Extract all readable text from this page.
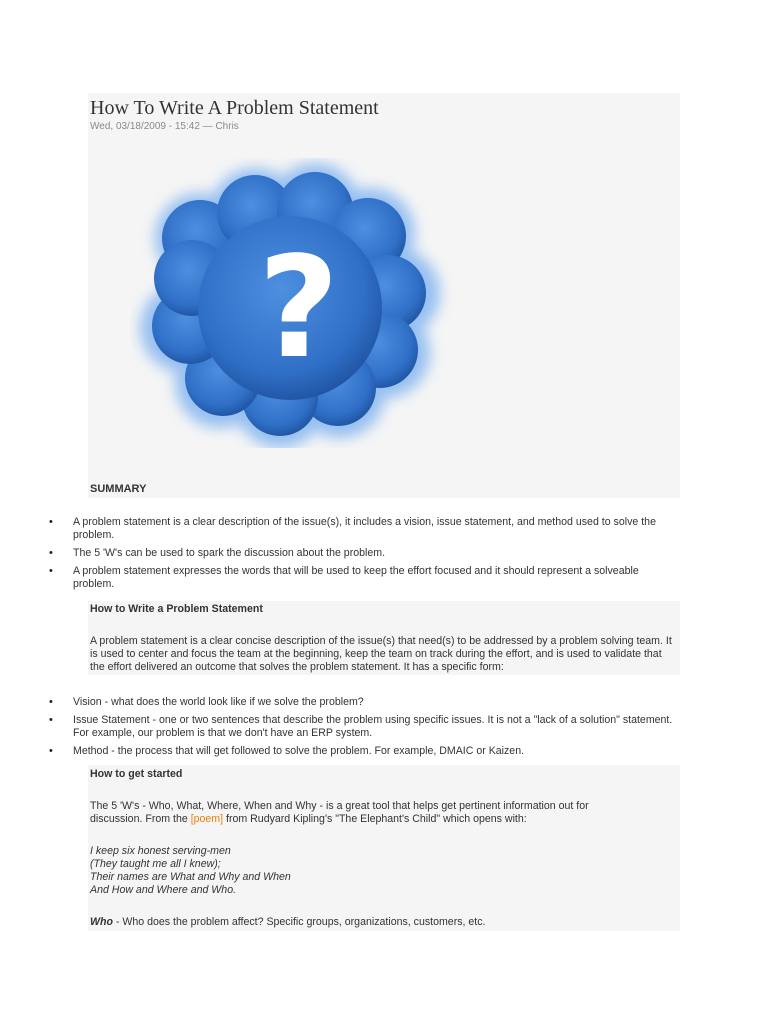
How To Write A Problem Statement
Wed, 03/18/2009 - 15:42 — Chris
?
SUMMARY
• A problem statement is a clear description of the issue(s), it includes a vision, issue statement, and method used to solve the problem.
• The 5 'W's can be used to spark the discussion about the problem.
• A problem statement expresses the words that will be used to keep the effort focused and it should represent a solveable problem.
How to Write a Problem Statement
A problem statement is a clear concise description of the issue(s) that need(s) to be addressed by a problem solving team. It is used to center and focus the team at the beginning, keep the team on track during the effort, and is used to validate that the effort delivered an outcome that solves the problem statement. It has a specific form:
• Vision - what does the world look like if we solve the problem?
• Issue Statement - one or two sentences that describe the problem using specific issues. It is not a "lack of a solution" statement. For example, our problem is that we don't have an ERP system.
• Method - the process that will get followed to solve the problem. For example, DMAIC or Kaizen.
How to get started
The 5 'W's - Who, What, Where, When and Why - is a great tool that helps get pertinent information out for
discussion. From the [poem] from Rudyard Kipling's "The Elephant's Child" which opens with:
I keep six honest serving-men
(They taught me all I knew);
Their names are What and Why and When
And How and Where and Who.
Who - Who does the problem affect? Specific groups, organizations, customers, etc.
